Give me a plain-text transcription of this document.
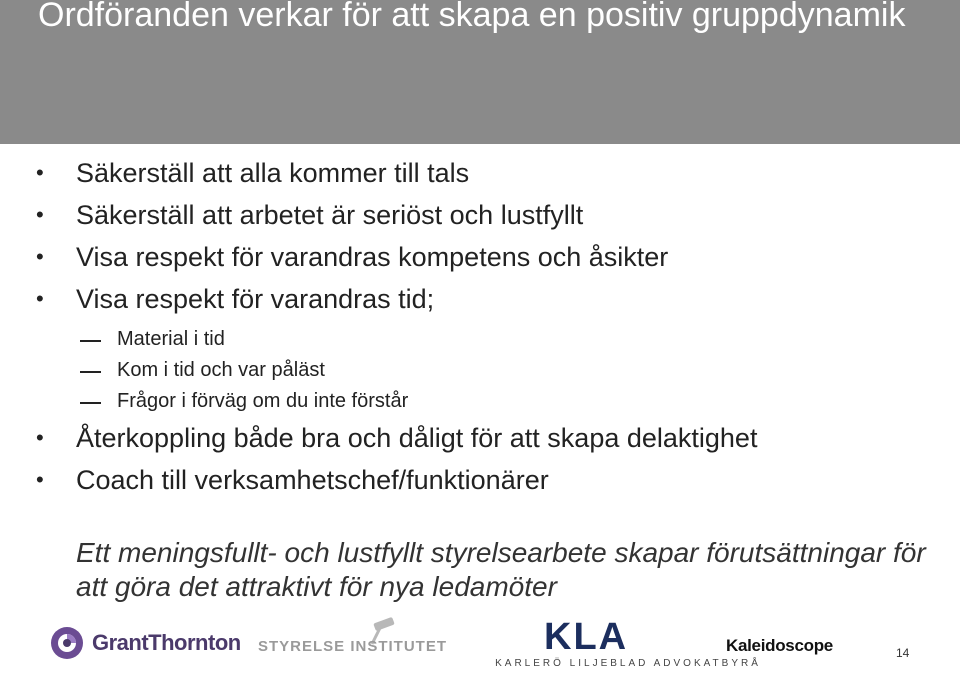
Ordföranden verkar för att skapa en positiv gruppdynamik
• Säkerställ att alla kommer till tals
• Säkerställ att arbetet är seriöst och lustfyllt
• Visa respekt för varandras kompetens och åsikter
• Visa respekt för varandras tid;
Material i tid
Kom i tid och var påläst
Frågor i förväg om du inte förstår
• Återkoppling både bra och dåligt för att skapa delaktighet
• Coach till verksamhetschef/funktionärer

Ett meningsfullt- och lustfyllt styrelsearbete skapar förutsättningar för att göra det attraktivt för nya ledamöter

GrantThornton STYRELSE INSTITUTET	KLA
KARLERÖ LILJEBLAD ADVOKATBYRÅ
Kaleidoscope	14
